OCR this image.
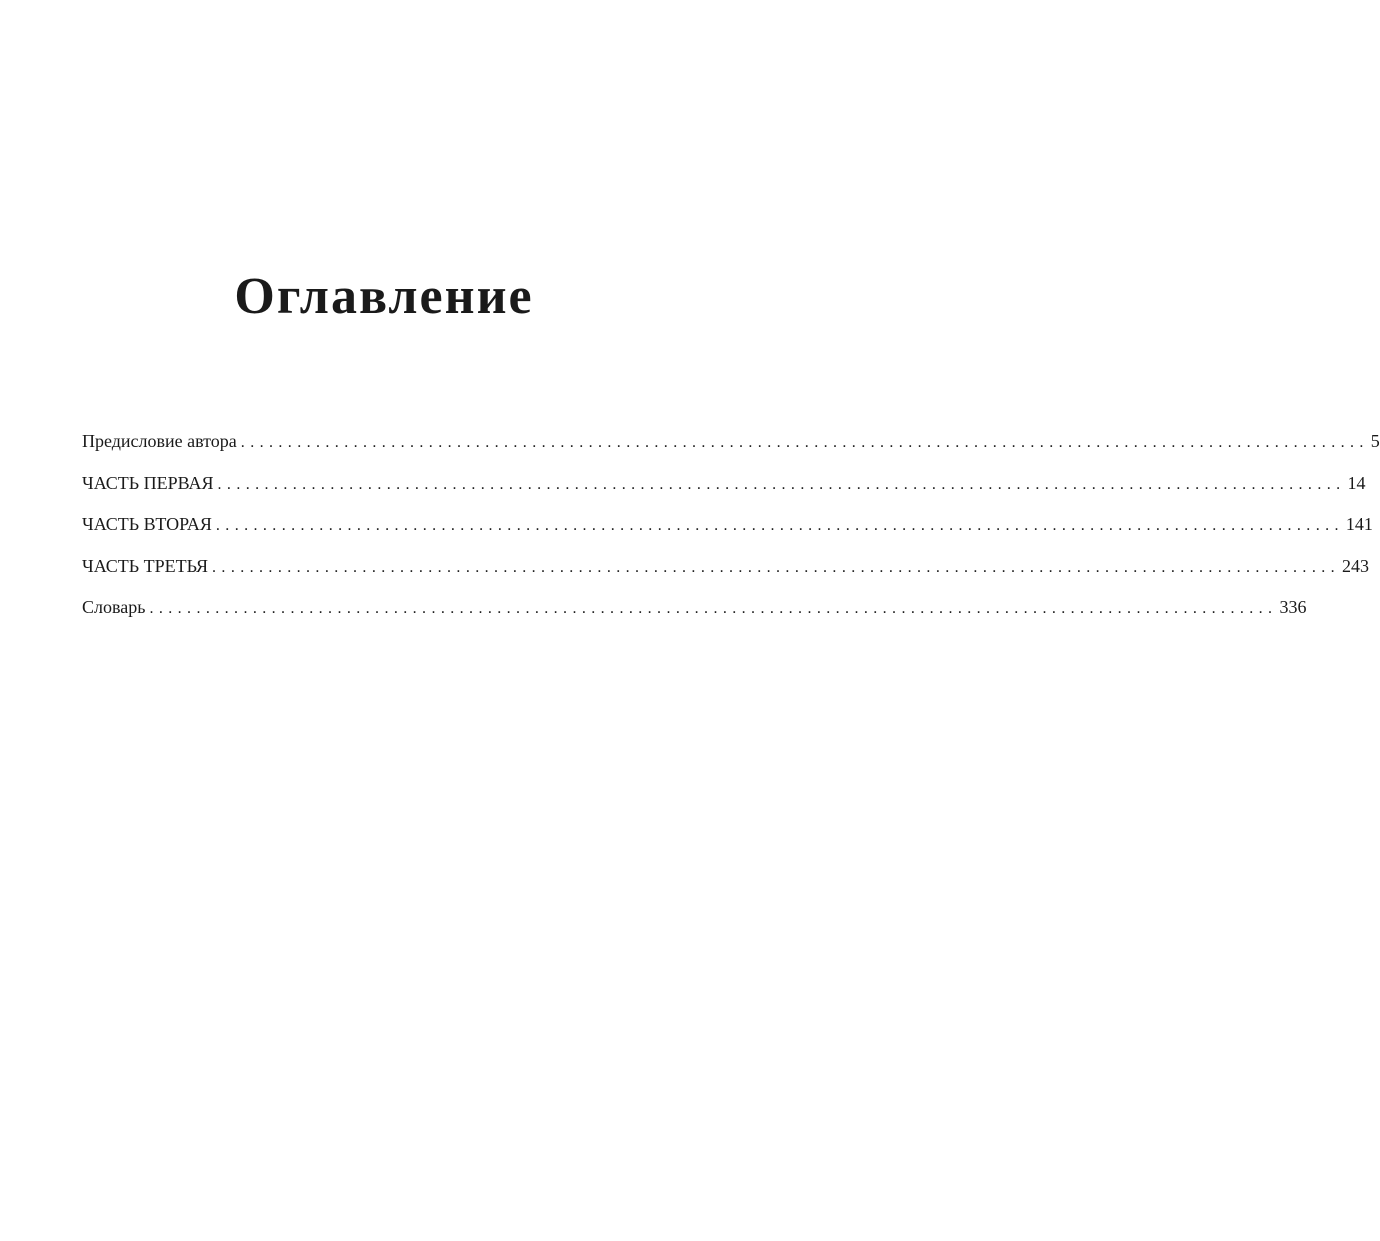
Оглавление
Предисловие автора ........................................................................................................................ 5
ЧАСТЬ ПЕРВАЯ ........................................................................................................................ 14
ЧАСТЬ ВТОРАЯ ........................................................................................................................ 141
ЧАСТЬ ТРЕТЬЯ ........................................................................................................................ 243
Словарь ........................................................................................................................ 336
